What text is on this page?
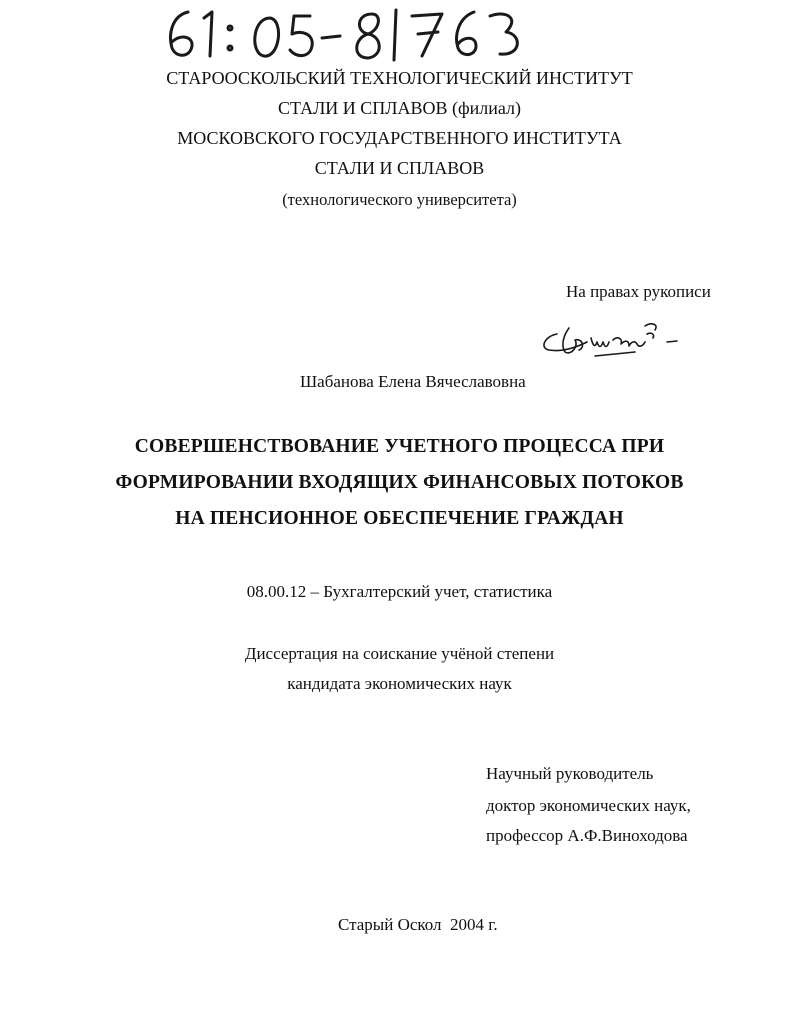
СТАРООСКОЛЬСКИЙ ТЕХНОЛОГИЧЕСКИЙ ИНСТИТУТ
СТАЛИ И СПЛАВОВ (филиал)
МОСКОВСКОГО ГОСУДАРСТВЕННОГО ИНСТИТУТА
СТАЛИ И СПЛАВОВ
(технологического университета)
На правах рукописи
Шабанова Елена Вячеславовна
СОВЕРШЕНСТВОВАНИЕ УЧЕТНОГО ПРОЦЕССА ПРИ
ФОРМИРОВАНИИ ВХОДЯЩИХ ФИНАНСОВЫХ ПОТОКОВ
НА ПЕНСИОННОЕ ОБЕСПЕЧЕНИЕ ГРАЖДАН
08.00.12 – Бухгалтерский учет, статистика
Диссертация на соискание учёной степени
кандидата экономических наук
Научный руководитель
доктор экономических наук,
профессор А.Ф.Виноходова
Старый Оскол  2004 г.
